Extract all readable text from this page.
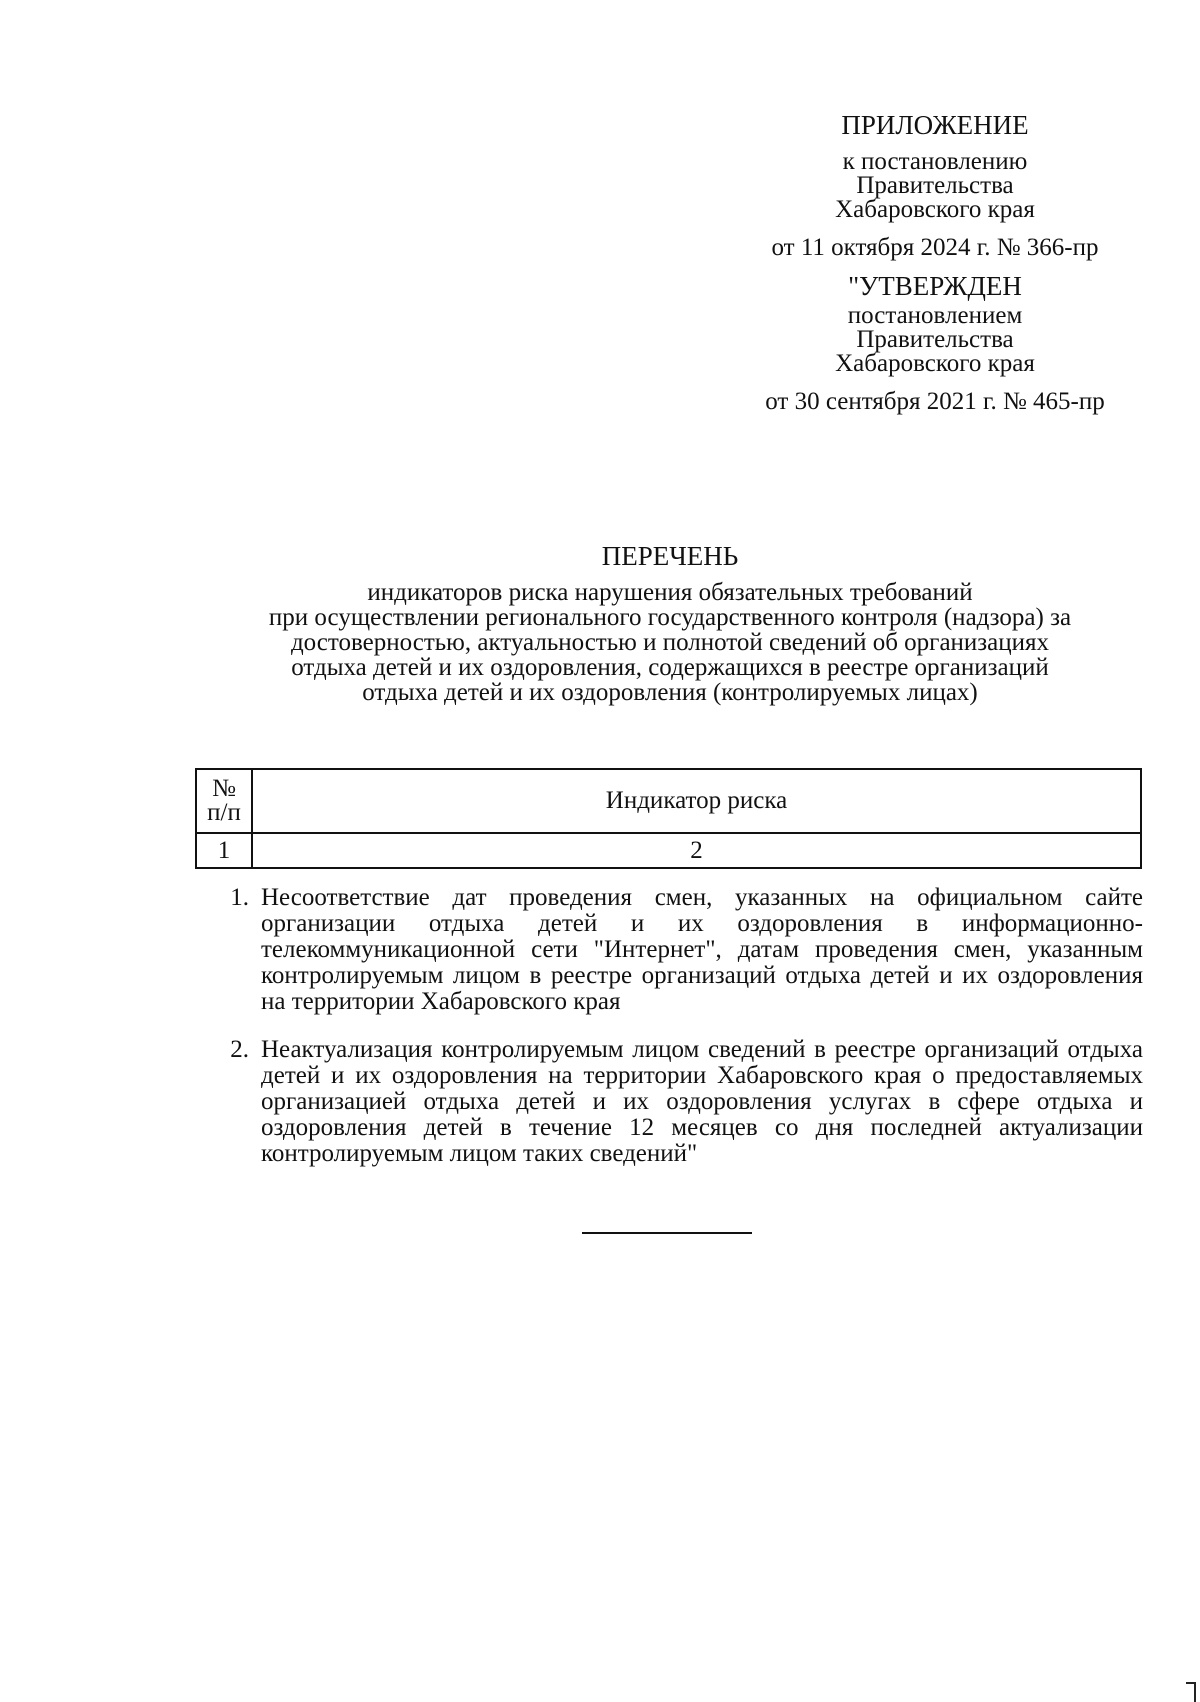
ПРИЛОЖЕНИЕ
к постановлению
Правительства
Хабаровского края
от 11 октября 2024 г. № 366-пр
"УТВЕРЖДЕН
постановлением
Правительства
Хабаровского края
от 30 сентября 2021 г. № 465-пр
ПЕРЕЧЕНЬ
индикаторов риска нарушения обязательных требований
при осуществлении регионального государственного контроля (надзора) за
достоверностью, актуальностью и полнотой сведений об организациях
отдыха детей и их оздоровления, содержащихся в реестре организаций
отдыха детей и их оздоровления (контролируемых лицах)
№
п/п	Индикатор риска
1	2
1. Несоответствие дат проведения смен, указанных на официальном сайте организации отдыха детей и их оздоровления в информационно-телекоммуникационной сети "Интернет", датам проведения смен, указанным контролируемым лицом в реестре организаций отдыха детей и их оздоровления на территории Хабаровского края
2. Неактуализация контролируемым лицом сведений в реестре организаций отдыха детей и их оздоровления на территории Хабаровского края о предоставляемых организацией отдыха детей и их оздоровления услугах в сфере отдыха и оздоровления детей в течение 12 месяцев со дня последней актуализации контролируемым лицом таких сведений"
